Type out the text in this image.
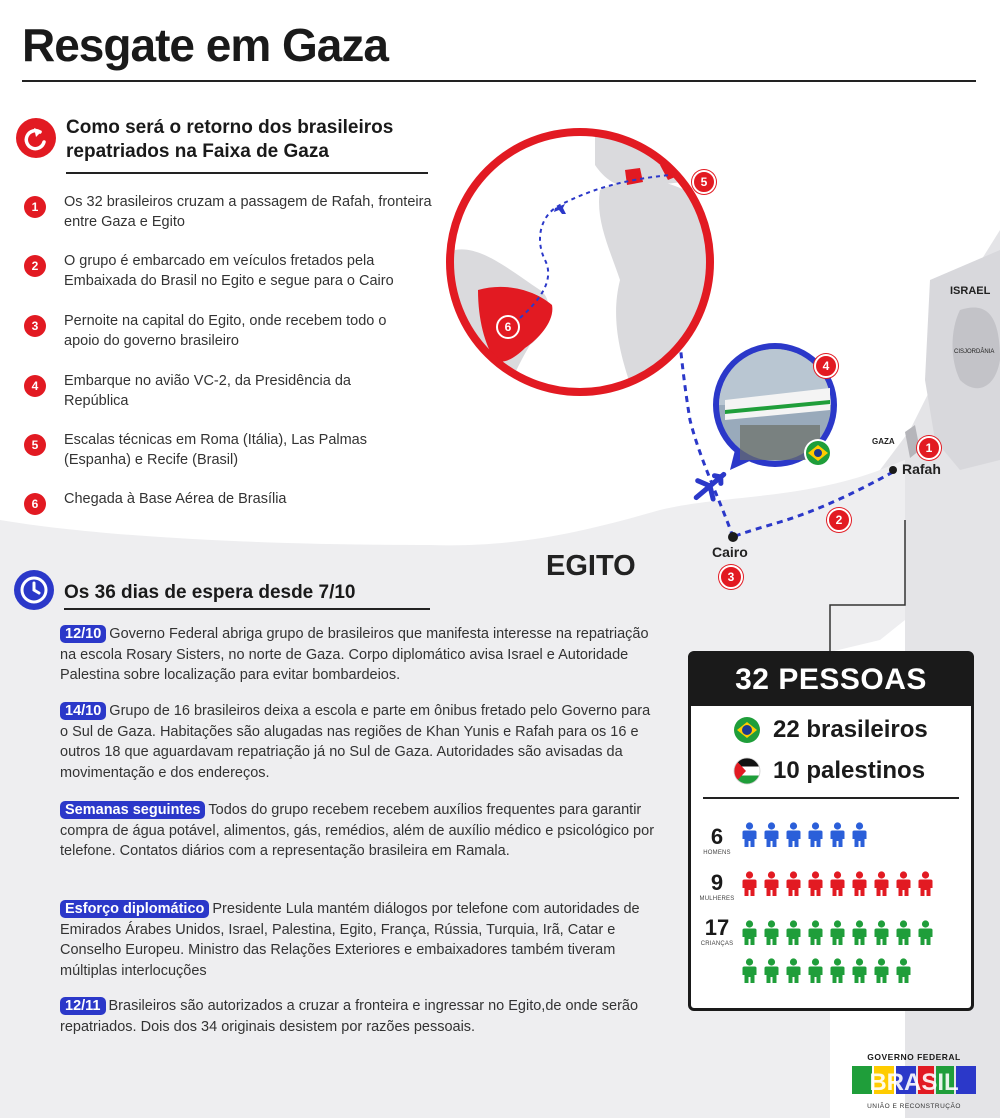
Resgate em Gaza
Como será o retorno dos brasileiros
repatriados na Faixa de Gaza
1	Os 32 brasileiros cruzam a passagem de Rafah, fronteira entre Gaza e Egito
2	O grupo é embarcado em veículos fretados pela Embaixada do Brasil no Egito e segue para o Cairo
3	Pernoite na capital do Egito, onde recebem todo o apoio do governo brasileiro
4	Embarque no avião VC-2, da Presidência da República
5	Escalas técnicas em Roma (Itália), Las Palmas (Espanha) e Recife (Brasil)
6	Chegada à Base Aérea de Brasília
EGITO
ISRAEL
CISJORDÂNIA
GAZA
Rafah
Cairo
1
2
3
4
5
6
Os 36 dias de espera desde 7/10
12/10 Governo Federal abriga grupo de brasileiros que manifesta interesse na repatriação na escola Rosary Sisters, no norte de Gaza. Corpo diplomático avisa Israel e Autoridade Palestina sobre localização para evitar bombardeios.
14/10 Grupo de 16 brasileiros deixa a escola e parte em ônibus fretado pelo Governo para o Sul de Gaza. Habitações são alugadas nas regiões de Khan Yunis e Rafah para os 16 e outros 18 que aguardavam repatriação já no Sul de Gaza. Autoridades são avisadas da movimentação e dos endereços.
Semanas seguintes Todos do grupo recebem recebem auxílios frequentes para garantir compra de água potável, alimentos, gás, remédios, além de auxílio médico e psicológico por telefone. Contatos diários com a representação brasileira em Ramala.
Esforço diplomático Presidente Lula mantém diálogos por telefone com autoridades de Emirados Árabes Unidos, Israel, Palestina, Egito, França, Rússia, Turquia, Irã, Catar e Conselho Europeu. Ministro das Relações Exteriores e embaixadores também tiveram múltiplas interlocuções
12/11 Brasileiros são autorizados a cruzar a fronteira e ingressar no Egito,de onde serão repatriados. Dois dos 34 originais desistem por razões pessoais.
32 PESSOAS
22 brasileiros
10 palestinos
6
HOMENS
9
MULHERES
17
CRIANÇAS
GOVERNO FEDERAL
BRASIL
UNIÃO E RECONSTRUÇÃO
